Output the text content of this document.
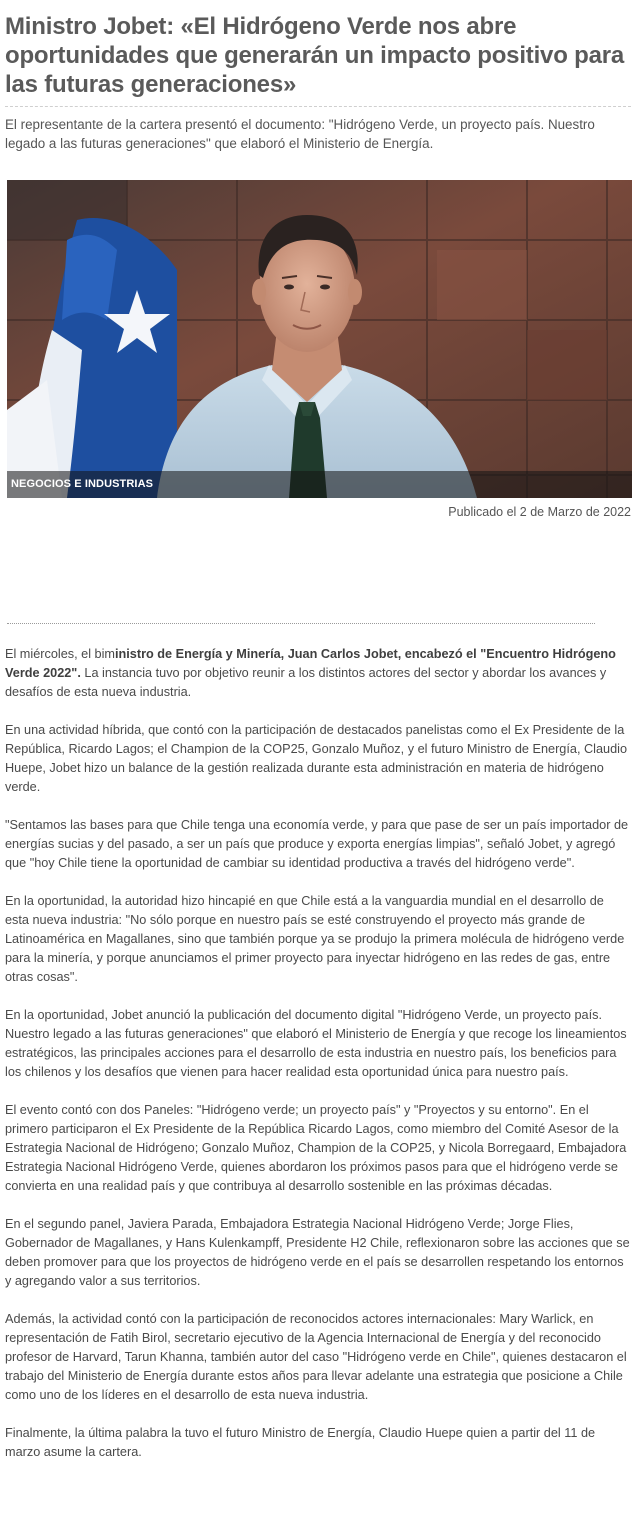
Ministro Jobet: «El Hidrógeno Verde nos abre oportunidades que generarán un impacto positivo para las futuras generaciones»

El representante de la cartera presentó el documento: "Hidrógeno Verde, un proyecto país. Nuestro legado a las futuras generaciones" que elaboró el Ministerio de Energía.

NEGOCIOS E INDUSTRIAS
Publicado el 2 de Marzo de 2022

El miércoles, el biministro de Energía y Minería, Juan Carlos Jobet, encabezó el "Encuentro Hidrógeno Verde 2022". La instancia tuvo por objetivo reunir a los distintos actores del sector y abordar los avances y desafíos de esta nueva industria.

En una actividad híbrida, que contó con la participación de destacados panelistas como el Ex Presidente de la República, Ricardo Lagos; el Champion de la COP25, Gonzalo Muñoz, y el futuro Ministro de Energía, Claudio Huepe, Jobet hizo un balance de la gestión realizada durante esta administración en materia de hidrógeno verde.

"Sentamos las bases para que Chile tenga una economía verde, y para que pase de ser un país importador de energías sucias y del pasado, a ser un país que produce y exporta energías limpias", señaló Jobet, y agregó que "hoy Chile tiene la oportunidad de cambiar su identidad productiva a través del hidrógeno verde".

En la oportunidad, la autoridad hizo hincapié en que Chile está a la vanguardia mundial en el desarrollo de esta nueva industria: "No sólo porque en nuestro país se esté construyendo el proyecto más grande de Latinoamérica en Magallanes, sino que también porque ya se produjo la primera molécula de hidrógeno verde para la minería, y porque anunciamos el primer proyecto para inyectar hidrógeno en las redes de gas, entre otras cosas".

En la oportunidad, Jobet anunció la publicación del documento digital "Hidrógeno Verde, un proyecto país. Nuestro legado a las futuras generaciones" que elaboró el Ministerio de Energía y que recoge los lineamientos estratégicos, las principales acciones para el desarrollo de esta industria en nuestro país, los beneficios para los chilenos y los desafíos que vienen para hacer realidad esta oportunidad única para nuestro país.

El evento contó con dos Paneles: "Hidrógeno verde; un proyecto país" y "Proyectos y su entorno". En el primero participaron el Ex Presidente de la República Ricardo Lagos, como miembro del Comité Asesor de la Estrategia Nacional de Hidrógeno; Gonzalo Muñoz, Champion de la COP25, y Nicola Borregaard, Embajadora Estrategia Nacional Hidrógeno Verde, quienes abordaron los próximos pasos para que el hidrógeno verde se convierta en una realidad país y que contribuya al desarrollo sostenible en las próximas décadas.

En el segundo panel, Javiera Parada, Embajadora Estrategia Nacional Hidrógeno Verde; Jorge Flies, Gobernador de Magallanes, y Hans Kulenkampff, Presidente H2 Chile, reflexionaron sobre las acciones que se deben promover para que los proyectos de hidrógeno verde en el país se desarrollen respetando los entornos y agregando valor a sus territorios.

Además, la actividad contó con la participación de reconocidos actores internacionales: Mary Warlick, en representación de Fatih Birol, secretario ejecutivo de la Agencia Internacional de Energía y del reconocido profesor de Harvard, Tarun Khanna, también autor del caso "Hidrógeno verde en Chile", quienes destacaron el trabajo del Ministerio de Energía durante estos años para llevar adelante una estrategia que posicione a Chile como uno de los líderes en el desarrollo de esta nueva industria.

Finalmente, la última palabra la tuvo el futuro Ministro de Energía, Claudio Huepe quien a partir del 11 de marzo asume la cartera.
